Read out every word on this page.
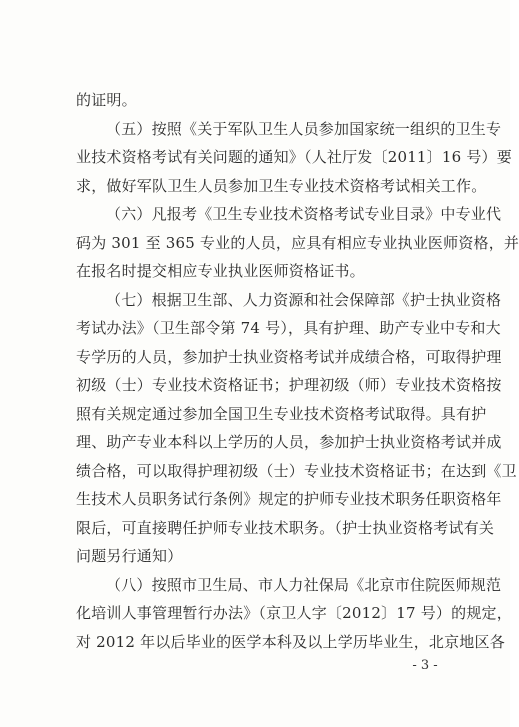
的证明。
（五）按照《关于军队卫生人员参加国家统一组织的卫生专
业技术资格考试有关问题的通知》（人社厅发〔2011〕16 号）要
求，做好军队卫生人员参加卫生专业技术资格考试相关工作。
（六）凡报考《卫生专业技术资格考试专业目录》中专业代
码为 301 至 365 专业的人员，应具有相应专业执业医师资格，并
在报名时提交相应专业执业医师资格证书。
（七）根据卫生部、人力资源和社会保障部《护士执业资格
考试办法》（卫生部令第 74 号），具有护理、助产专业中专和大
专学历的人员，参加护士执业资格考试并成绩合格，可取得护理
初级（士）专业技术资格证书；护理初级（师）专业技术资格按
照有关规定通过参加全国卫生专业技术资格考试取得。具有护
理、助产专业本科以上学历的人员，参加护士执业资格考试并成
绩合格，可以取得护理初级（士）专业技术资格证书；在达到《卫
生技术人员职务试行条例》规定的护师专业技术职务任职资格年
限后，可直接聘任护师专业技术职务。（护士执业资格考试有关
问题另行通知）
（八）按照市卫生局、市人力社保局《北京市住院医师规范
化培训人事管理暂行办法》（京卫人字〔2012〕17 号）的规定，
对 2012 年以后毕业的医学本科及以上学历毕业生，北京地区各
- 3 -
